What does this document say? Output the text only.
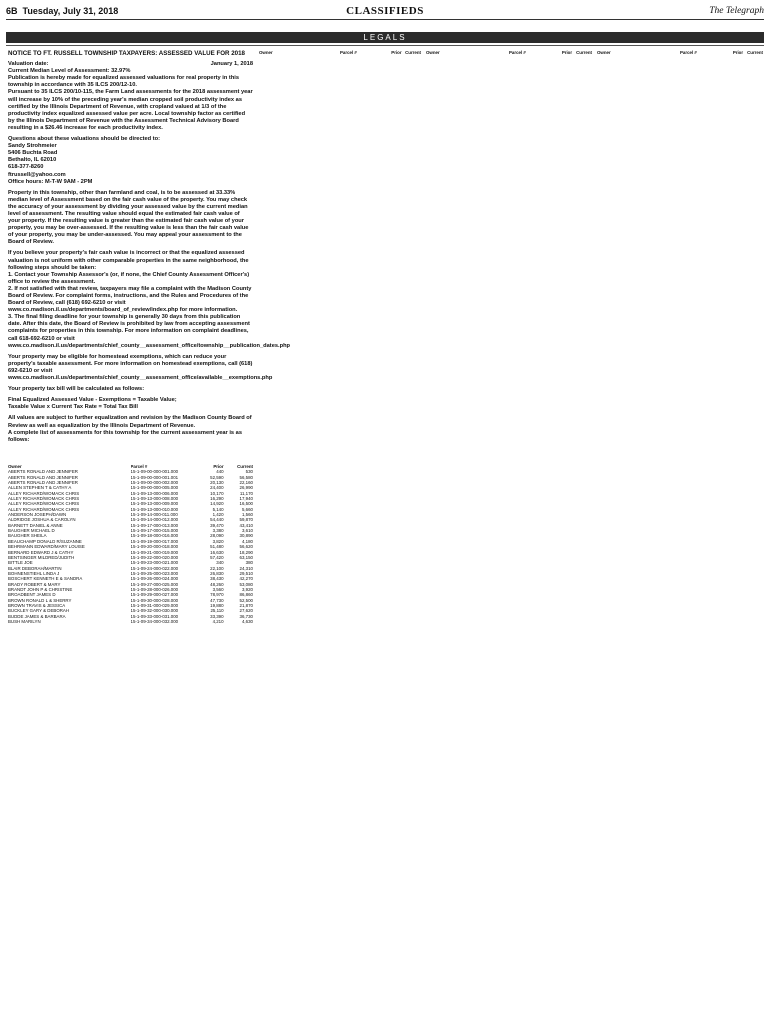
6B Tuesday, July 31, 2018	CLASSIFIEDS	The Telegraph
LEGALS
NOTICE TO FT. RUSSELL TOWNSHIP TAXPAYERS: ASSESSED VALUE FOR 2018
Valuation date:	January 1, 2018
Current Median Level of Assessment: 32.97%
Publication is hereby made for equalized assessed valuations for real property in this township in accordance with 35 ILCS 200/12-10.

Pursuant to 35 ILCS 200/10-115, the Farm Land assessments for the 2018 assessment year will increase by 10% of the preceding year's median cropped soil productivity index as certified by the Illinois Department of Revenue, with cropland valued at 1/3 of the productivity index equalized assessed value per acre. Local township factor as certified by the Illinois Department of Revenue with the Assessment Technical Advisory Board resulting in a $26.46 increase for each productivity index.

Questions about these valuations should be directed to:
Sandy Strohmeier
5406 Buchta Road
Bethalto, IL 62010
618-377-8260
ftrussell@yahoo.com

Office hours: M-T-W 9AM - 2PM

Property in this township, other than farmland and coal, is to be assessed at 33.33% median level of Assessment based on the fair cash value of the property. You may check the accuracy of your assessment by dividing your assessed value by the current median level of assessment. The resulting value should equal the estimated fair cash value of your property. If the resulting value is greater than the estimated fair cash value of your property, you may be over-assessed. If the resulting value is less than the fair cash value of your property, you may be under-assessed. You may appeal your assessment to the Board of Review.

If you believe your property's fair cash value is incorrect or that the equalized assessed valuation is not uniform with other comparable properties in the same neighborhood, the following steps should be taken:
1. Contact your Township Assessor's (or, if none, the Chief County Assessment Officer's) office to review the assessment.
2. If not satisfied with that review, taxpayers may file a complaint with the Madison County Board of Review. For complaint forms, instructions, and the Rules and Procedures of the Board of Review, call (618) 692-6210 or visit www.co.madison.il.us/departments/board_of_review/index.php for more information.

3. The final filing deadline for your township is generally 30 days from this publication date. After this date, the Board of Review is prohibited by law from accepting assessment complaints for properties in this township. For more information on complaint deadlines, call 618-692-6210 or visit www.co.madison.il.us/departments/chief_county__assessment_office/township__publication_dates.php

Your property may be eligible for homestead exemptions, which can reduce your property's taxable assessment. For more information on homestead exemptions, call (618) 692-6210 or visit www.co.madison.il.us/departments/chief_county__assessment_office/available__exemptions.php

Your property tax bill will be calculated as follows:

Final Equalized Assessed Value - Exemptions = Taxable Value;

Taxable Value x Current Tax Rate = Total Tax Bill

All values are subject to further equalization and revision by the Madison County Board of Review as well as equalization by the Illinois Department of Revenue.

A complete list of assessments for this township for the current assessment year is as follows:

Owner	Parcel #	Prior	Current
ABERTS RONALD AND JENNIFER	15-1-09-00-000-001.000	440	530
ABERTS RONALD AND JENNIFER	15-1-09-00-000-001.001	52,590	56,580
ABERTS RONALD AND JENNIFER	15-1-09-00-000-002.000	20,130	22,160
ALLEN STEPHEN T & CATHY A	15-1-09-00-000-005.000	24,400	26,990
ALLEY RICHARD/WOMACK CHRIS	15-1-09-13-000-006.000	10,170	11,170
ALLEY RICHARD/WOMACK CHRIS	15-1-09-13-000-008.000	16,290	17,940
ALLEY RICHARD/WOMACK CHRIS	15-1-09-13-000-009.000	14,920	16,500
ALLEY RICHARD/WOMACK CHRIS	15-1-09-13-000-010.000	5,140	5,660
ANDERSON JOSEPH/DAWN	15-1-09-14-000-011.000	1,420	1,560
ALDRIDGE JOSHUA & CAROLYN	15-1-09-14-000-012.000	54,440	59,870
BARNETT DANIEL & ANNE	15-1-09-17-000-013.000	39,470	43,410
BAUGHER MICHAEL D	15-1-09-17-000-015.000	3,380	3,610
BAUGHER SHEILA	15-1-09-18-000-016.000	28,090	30,890
BEAUCHAMP DONALD R/SUZANNE	15-1-09-19-000-017.000	3,820	4,180
BEHRMANN EDWARD/MARY LOUISE	15-1-09-20-000-018.000	51,480	56,620
BERNARD EDWARD J & CATHY	15-1-09-21-000-019.000	16,630	18,290
BENTSINGER MILDRED/JUDITH	15-1-09-22-000-020.000	57,420	63,150
BITTLE JOE	15-1-09-23-000-021.000	340	380
BLAIR DEBORAH/MARTIN	15-1-09-24-000-022.000	22,100	24,310
BOHNENSTIEHL LINDA J	15-1-09-25-000-023.000	26,830	29,510
BOSCHERT KENNETH E & SANDRA	15-1-09-26-000-024.000	38,430	42,270
BRADY ROBERT & MARY	15-1-09-27-000-025.000	48,260	53,080
BRANDT JOHN P & CHRISTINE	15-1-09-28-000-026.000	3,560	3,920
BROADBENT JAMES D	15-1-09-29-000-027.000	78,970	86,860
BROWN RONALD L & SHERRY	15-1-09-30-000-028.000	47,730	52,500
BROWN TRAVIS & JESSICA	15-1-09-31-000-029.000	19,880	21,870
BUCKLEY GARY & DEBORAH	15-1-09-32-000-030.000	25,110	27,620
BUDDE JAMES & BARBARA	15-1-09-33-000-031.000	33,390	36,730
BUSH MARILYN	15-1-09-34-000-032.000	4,210	4,630
Owner	Parcel #	Prior Current Owner	Parcel #	Prior Current Owner	Parcel #	Prior Current
